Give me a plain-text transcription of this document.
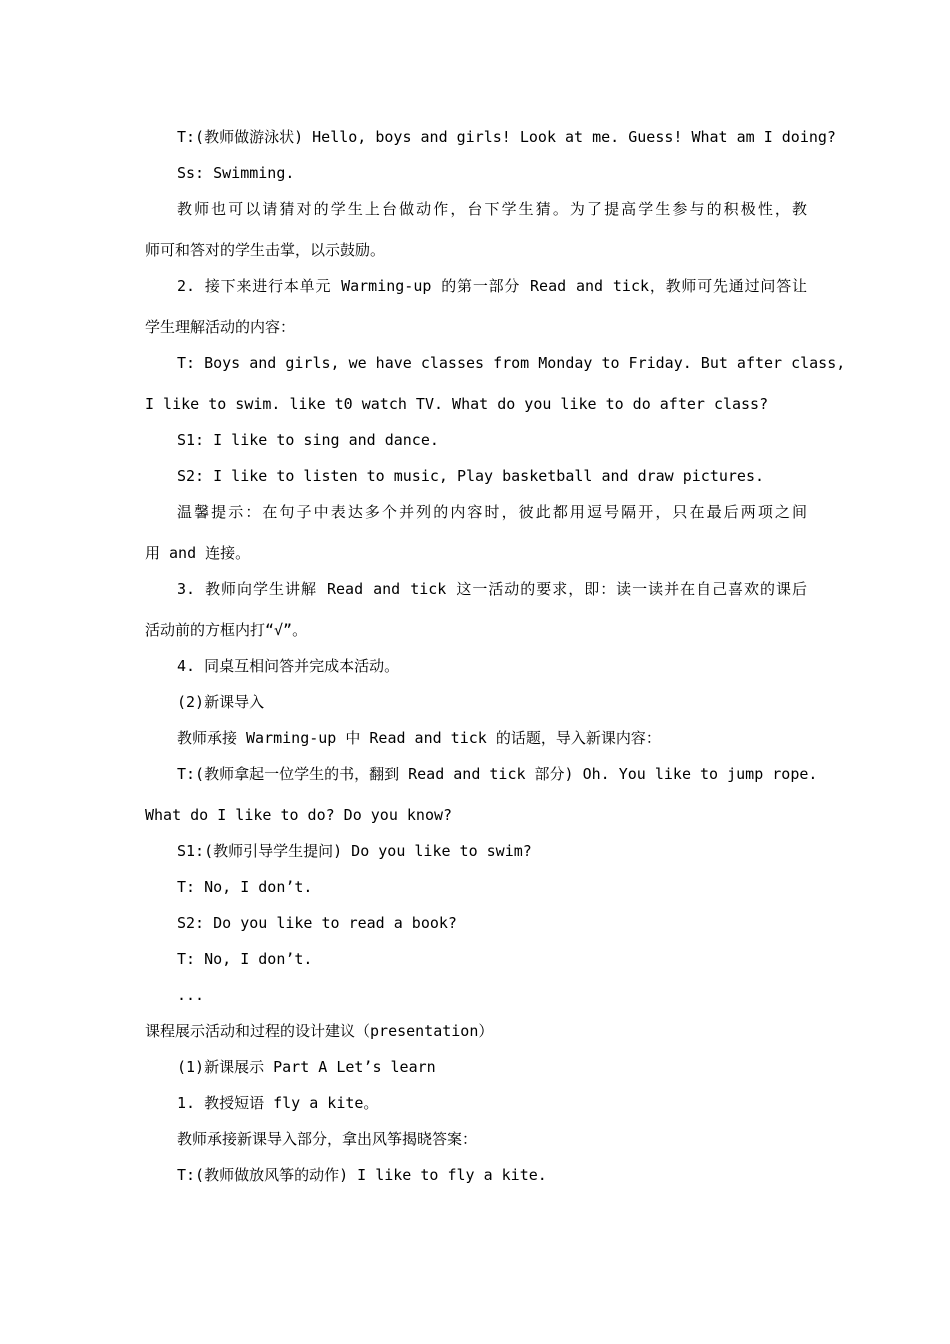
T:(教师做游泳状) Hello, boys and girls! Look at me. Guess! What am I doing?
Ss: Swimming.
教师也可以请猜对的学生上台做动作，台下学生猜。为了提高学生参与的积极性，教
师可和答对的学生击掌，以示鼓励。
2. 接下来进行本单元 Warming-up 的第一部分 Read and tick，教师可先通过问答让
学生理解活动的内容：
T: Boys and girls, we have classes from Monday to Friday. But after class,
I like to swim. like t0 watch TV. What do you like to do after class?
S1: I like to sing and dance.
S2: I like to listen to music, Play basketball and draw pictures.
温馨提示：在句子中表达多个并列的内容时，彼此都用逗号隔开，只在最后两项之间
用 and 连接。
3. 教师向学生讲解 Read and tick 这一活动的要求，即：读一读并在自己喜欢的课后
活动前的方框内打“√”。
4. 同桌互相问答并完成本活动。
(2)新课导入
教师承接 Warming-up 中 Read and tick 的话题，导入新课内容：
T:(教师拿起一位学生的书，翻到 Read and tick 部分) Oh. You like to jump rope.
What do I like to do? Do you know?
S1:(教师引导学生提问) Do you like to swim?
T: No, I don’t.
S2: Do you like to read a book?
T: No, I don’t.
...
课程展示活动和过程的设计建议（presentation）
(1)新课展示 Part A Let’s learn
1. 教授短语 fly a kite。
教师承接新课导入部分，拿出风筝揭晓答案：
T:(教师做放风筝的动作) I like to fly a kite.
